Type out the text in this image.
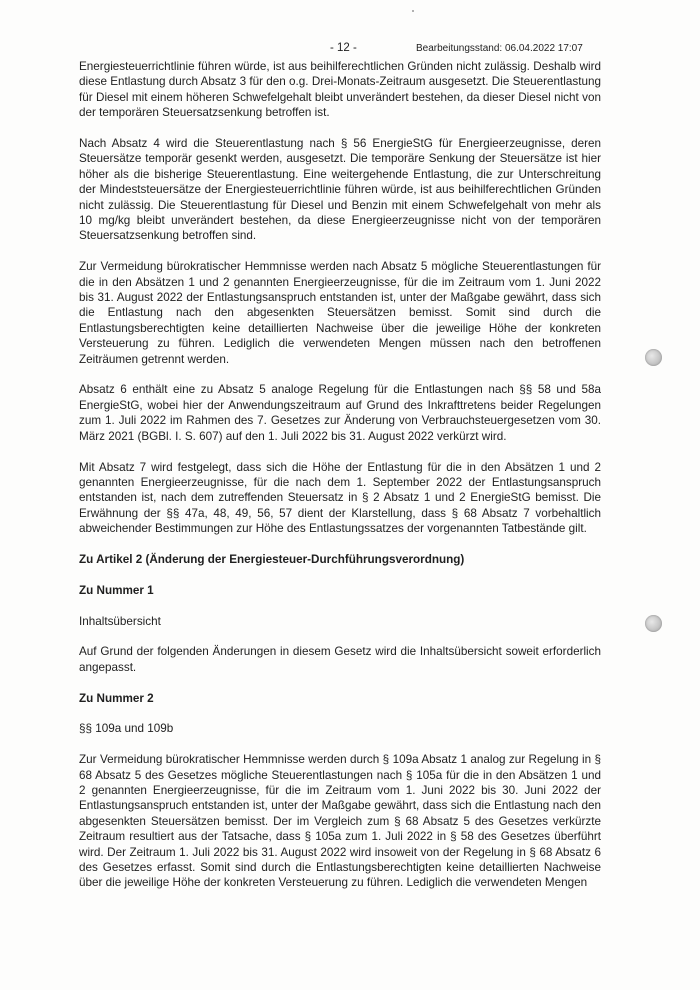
- 12 -	Bearbeitungsstand: 06.04.2022 17:07

Energiesteuerrichtlinie führen würde, ist aus beihilferechtlichen Gründen nicht zulässig. Deshalb wird diese Entlastung durch Absatz 3 für den o.g. Drei-Monats-Zeitraum ausgesetzt. Die Steuerentlastung für Diesel mit einem höheren Schwefelgehalt bleibt unverändert bestehen, da dieser Diesel nicht von der temporären Steuersatzsenkung betroffen ist.

Nach Absatz 4 wird die Steuerentlastung nach § 56 EnergieStG für Energieerzeugnisse, deren Steuersätze temporär gesenkt werden, ausgesetzt. Die temporäre Senkung der Steuersätze ist hier höher als die bisherige Steuerentlastung. Eine weitergehende Entlastung, die zur Unterschreitung der Mindeststeuersätze der Energiesteuerrichtlinie führen würde, ist aus beihilferechtlichen Gründen nicht zulässig. Die Steuerentlastung für Diesel und Benzin mit einem Schwefelgehalt von mehr als 10 mg/kg bleibt unverändert bestehen, da diese Energieerzeugnisse nicht von der temporären Steuersatzsenkung betroffen sind.

Zur Vermeidung bürokratischer Hemmnisse werden nach Absatz 5 mögliche Steuerentlastungen für die in den Absätzen 1 und 2 genannten Energieerzeugnisse, für die im Zeitraum vom 1. Juni 2022 bis 31. August 2022 der Entlastungsanspruch entstanden ist, unter der Maßgabe gewährt, dass sich die Entlastung nach den abgesenkten Steuersätzen bemisst. Somit sind durch die Entlastungsberechtigten keine detaillierten Nachweise über die jeweilige Höhe der konkreten Versteuerung zu führen. Lediglich die verwendeten Mengen müssen nach den betroffenen Zeiträumen getrennt werden.

Absatz 6 enthält eine zu Absatz 5 analoge Regelung für die Entlastungen nach §§ 58 und 58a EnergieStG, wobei hier der Anwendungszeitraum auf Grund des Inkrafttretens beider Regelungen zum 1. Juli 2022 im Rahmen des 7. Gesetzes zur Änderung von Verbrauchsteuergesetzen vom 30. März 2021 (BGBl. I. S. 607) auf den 1. Juli 2022 bis 31. August 2022 verkürzt wird.

Mit Absatz 7 wird festgelegt, dass sich die Höhe der Entlastung für die in den Absätzen 1 und 2 genannten Energieerzeugnisse, für die nach dem 1. September 2022 der Entlastungsanspruch entstanden ist, nach dem zutreffenden Steuersatz in § 2 Absatz 1 und 2 EnergieStG bemisst. Die Erwähnung der §§ 47a, 48, 49, 56, 57 dient der Klarstellung, dass § 68 Absatz 7 vorbehaltlich abweichender Bestimmungen zur Höhe des Entlastungssatzes der vorgenannten Tatbestände gilt.

Zu Artikel 2 (Änderung der Energiesteuer-Durchführungsverordnung)

Zu Nummer 1

Inhaltsübersicht

Auf Grund der folgenden Änderungen in diesem Gesetz wird die Inhaltsübersicht soweit erforderlich angepasst.

Zu Nummer 2

§§ 109a und 109b

Zur Vermeidung bürokratischer Hemmnisse werden durch § 109a Absatz 1 analog zur Regelung in § 68 Absatz 5 des Gesetzes mögliche Steuerentlastungen nach § 105a für die in den Absätzen 1 und 2 genannten Energieerzeugnisse, für die im Zeitraum vom 1. Juni 2022 bis 30. Juni 2022 der Entlastungsanspruch entstanden ist, unter der Maßgabe gewährt, dass sich die Entlastung nach den abgesenkten Steuersätzen bemisst. Der im Vergleich zum § 68 Absatz 5 des Gesetzes verkürzte Zeitraum resultiert aus der Tatsache, dass § 105a zum 1. Juli 2022 in § 58 des Gesetzes überführt wird. Der Zeitraum 1. Juli 2022 bis 31. August 2022 wird insoweit von der Regelung in § 68 Absatz 6 des Gesetzes erfasst. Somit sind durch die Entlastungsberechtigten keine detaillierten Nachweise über die jeweilige Höhe der konkreten Versteuerung zu führen. Lediglich die verwendeten Mengen
